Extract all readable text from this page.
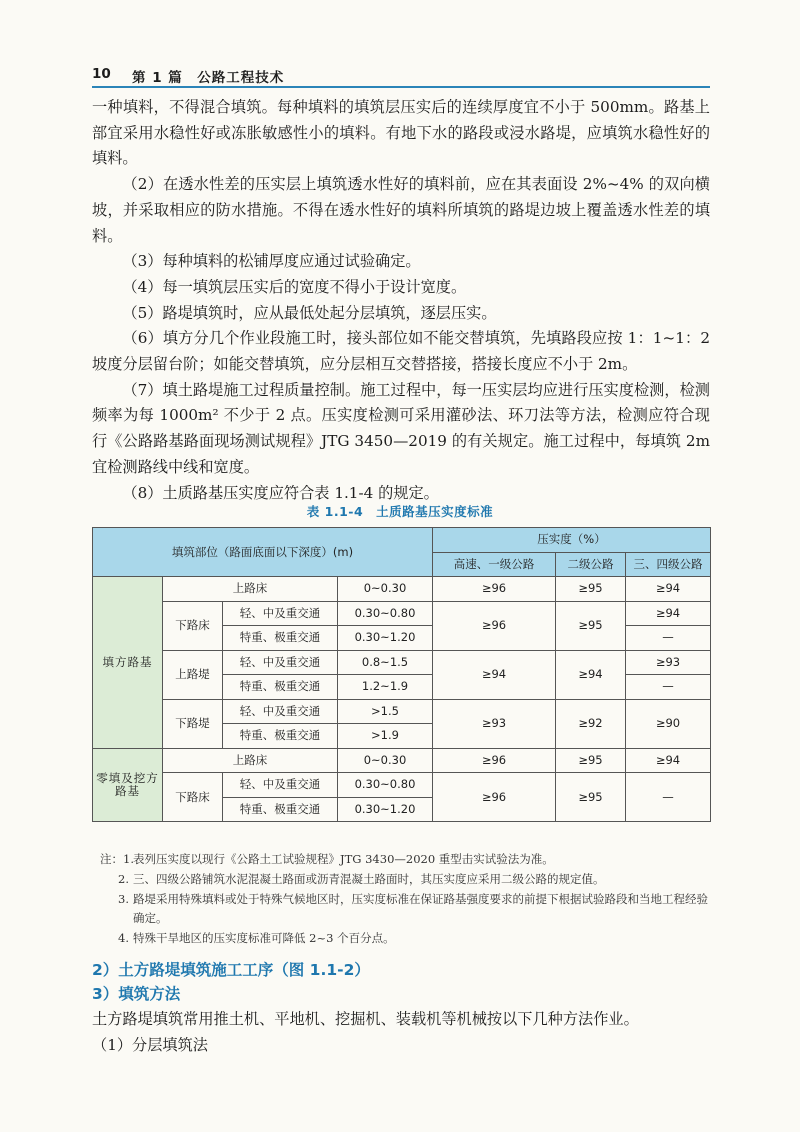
10 第 1 篇　公路工程技术

一种填料，不得混合填筑。每种填料的填筑层压实后的连续厚度宜不小于 500mm。路基上部宜采用水稳性好或冻胀敏感性小的填料。有地下水的路段或浸水路堤，应填筑水稳性好的填料。

（2）在透水性差的压实层上填筑透水性好的填料前，应在其表面设 2%~4% 的双向横坡，并采取相应的防水措施。不得在透水性好的填料所填筑的路堤边坡上覆盖透水性差的填料。

（3）每种填料的松铺厚度应通过试验确定。

（4）每一填筑层压实后的宽度不得小于设计宽度。

（5）路堤填筑时，应从最低处起分层填筑，逐层压实。

（6）填方分几个作业段施工时，接头部位如不能交替填筑，先填路段应按 1：1~1：2 坡度分层留台阶；如能交替填筑，应分层相互交替搭接，搭接长度应不小于 2m。

（7）填土路堤施工过程质量控制。施工过程中，每一压实层均应进行压实度检测，检测频率为每 1000m² 不少于 2 点。压实度检测可采用灌砂法、环刀法等方法，检测应符合现行《公路路基路面现场测试规程》JTG 3450—2019 的有关规定。施工过程中，每填筑 2m 宜检测路线中线和宽度。

（8）土质路基压实度应符合表 1.1-4 的规定。

表 1.1-4　土质路基压实度标准
填筑部位（路面底面以下深度）(m)				压实度（%）		
				高速、一级公路	二级公路	三、四级公路
填方路基	上路床		0~0.30	≥96	≥95	≥94
	下路床	轻、中及重交通	0.30~0.80	≥96	≥95	≥94
		特重、极重交通	0.30~1.20			—
	上路堤	轻、中及重交通	0.8~1.5	≥94	≥94	≥93
		特重、极重交通	1.2~1.9			—
	下路堤	轻、中及重交通	>1.5	≥93	≥92	≥90
		特重、极重交通	>1.9			
零填及挖方路基	上路床		0~0.30	≥96	≥95	≥94
	下路床	轻、中及重交通	0.30~0.80	≥96	≥95	—
		特重、极重交通	0.30~1.20			
注：1. 表列压实度以现行《公路土工试验规程》JTG 3430—2020 重型击实试验法为准。
2. 三、四级公路铺筑水泥混凝土路面或沥青混凝土路面时，其压实度应采用二级公路的规定值。
3. 路堤采用特殊填料或处于特殊气候地区时，压实度标准在保证路基强度要求的前提下根据试验路段和当地工程经验确定。
4. 特殊干旱地区的压实度标准可降低 2~3 个百分点。
2）土方路堤填筑施工工序（图 1.1-2）
3）填筑方法

土方路堤填筑常用推土机、平地机、挖掘机、装载机等机械按以下几种方法作业。

（1）分层填筑法
